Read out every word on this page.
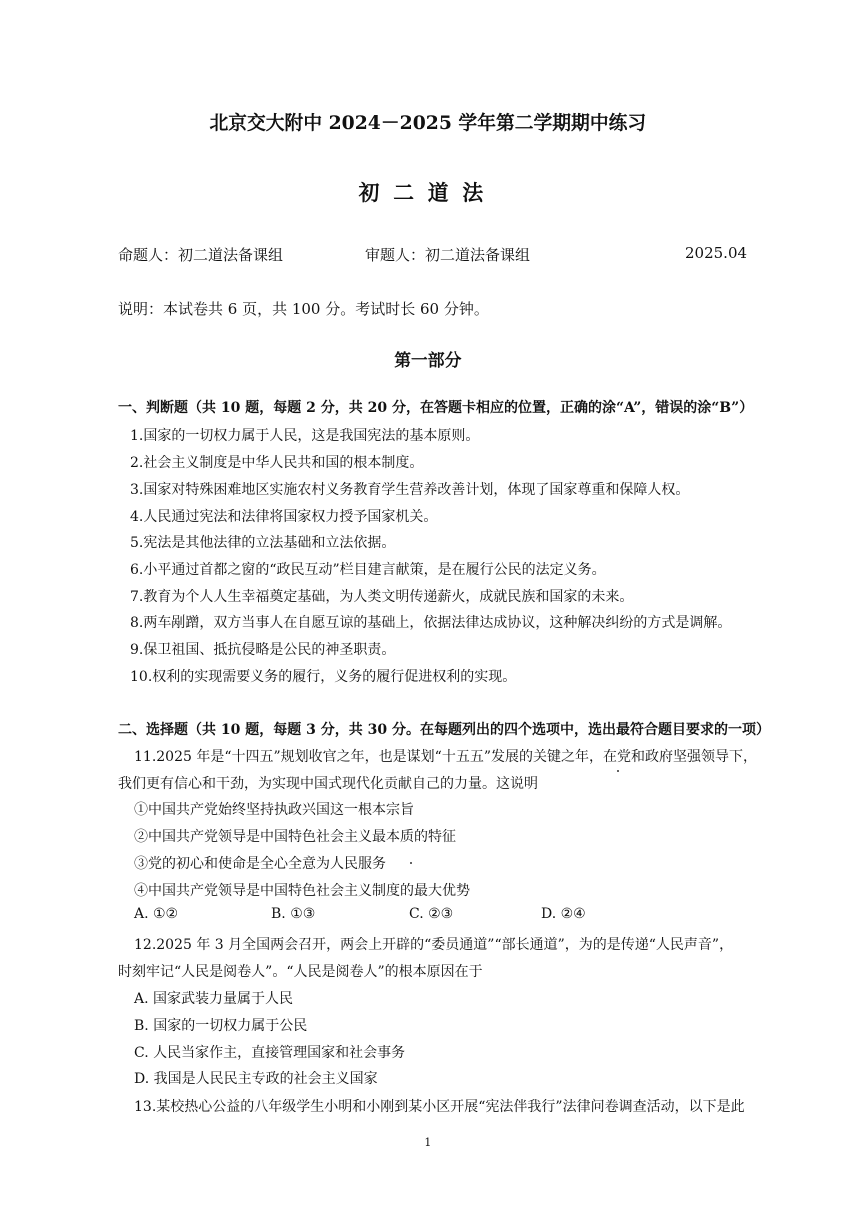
北京交大附中 2024－2025 学年第二学期期中练习
初二道法
命题人：初二道法备课组	审题人：初二道法备课组	2025.04
说明：本试卷共 6 页，共 100 分。考试时长 60 分钟。
第一部分
一、判断题（共 10 题，每题 2 分，共 20 分，在答题卡相应的位置，正确的涂“A”，错误的涂“B”）
1.国家的一切权力属于人民，这是我国宪法的基本原则。
2.社会主义制度是中华人民共和国的根本制度。
3.国家对特殊困难地区实施农村义务教育学生营养改善计划，体现了国家尊重和保障人权。
4.人民通过宪法和法律将国家权力授予国家机关。
5.宪法是其他法律的立法基础和立法依据。
6.小平通过首都之窗的“政民互动”栏目建言献策，是在履行公民的法定义务。
7.教育为个人人生幸福奠定基础，为人类文明传递薪火，成就民族和国家的未来。
8.两车剐蹭，双方当事人在自愿互谅的基础上，依据法律达成协议，这种解决纠纷的方式是调解。
9.保卫祖国、抵抗侵略是公民的神圣职责。
10.权利的实现需要义务的履行，义务的履行促进权利的实现。
二、选择题（共 10 题，每题 3 分，共 30 分。在每题列出的四个选项中，选出最符合题目要求的一项）
11.2025 年是“十四五”规划收官之年，也是谋划“十五五”发展的关键之年，在党和政府坚强领导下，
我们更有信心和干劲，为实现中国式现代化贡献自己的力量。这说明
①中国共产党始终坚持执政兴国这一根本宗旨
②中国共产党领导是中国特色社会主义最本质的特征
③党的初心和使命是全心全意为人民服务
④中国共产党领导是中国特色社会主义制度的最大优势
A. ①②	B. ①③	C. ②③	D. ②④
12.2025 年 3 月全国两会召开，两会上开辟的“委员通道”“部长通道”，为的是传递“人民声音”，
时刻牢记“人民是阅卷人”。“人民是阅卷人”的根本原因在于
A. 国家武装力量属于人民
B. 国家的一切权力属于公民
C. 人民当家作主，直接管理国家和社会事务
D. 我国是人民民主专政的社会主义国家
13.某校热心公益的八年级学生小明和小刚到某小区开展“宪法伴我行”法律问卷调查活动，以下是此
1
